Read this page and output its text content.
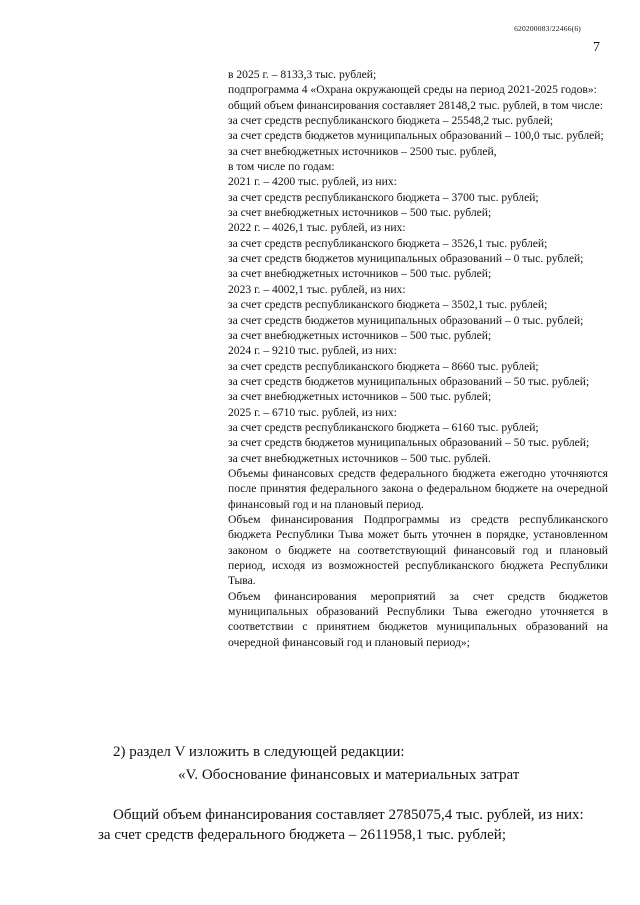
620200083/22466(6)
7

в 2025 г. – 8133,3 тыс. рублей;

подпрограмма 4 «Охрана окружающей среды на период 2021-2025 годов»:

общий объем финансирования составляет 28148,2 тыс. рублей, в том числе:

за счет средств республиканского бюджета – 25548,2 тыс. рублей;

за счет средств бюджетов муниципальных образований – 100,0 тыс. рублей;

за счет внебюджетных источников – 2500 тыс. рублей,

в том числе по годам:

2021 г. – 4200 тыс. рублей, из них:

за счет средств республиканского бюджета – 3700 тыс. рублей;

за счет внебюджетных источников – 500 тыс. рублей;

2022 г. – 4026,1 тыс. рублей, из них:

за счет средств республиканского бюджета – 3526,1 тыс. рублей;

за счет средств бюджетов муниципальных образований – 0 тыс. рублей;

за счет внебюджетных источников – 500 тыс. рублей;

2023 г. – 4002,1 тыс. рублей, из них:

за счет средств республиканского бюджета – 3502,1 тыс. рублей;

за счет средств бюджетов муниципальных образований – 0 тыс. рублей;

за счет внебюджетных источников – 500 тыс. рублей;

2024 г. – 9210 тыс. рублей, из них:

за счет средств республиканского бюджета – 8660 тыс. рублей;

за счет средств бюджетов муниципальных образований – 50 тыс. рублей;

за счет внебюджетных источников – 500 тыс. рублей;

2025 г. – 6710 тыс. рублей, из них:

за счет средств республиканского бюджета – 6160 тыс. рублей;

за счет средств бюджетов муниципальных образований – 50 тыс. рублей;

за счет внебюджетных источников – 500 тыс. рублей.

Объемы финансовых средств федерального бюджета ежегодно уточняются после принятия федерального закона о федеральном бюджете на очередной финансовый год и на плановый период.

Объем финансирования Подпрограммы из средств республиканского бюджета Республики Тыва может быть уточнен в порядке, установленном законом о бюджете на соответствующий финансовый год и плановый период, исходя из возможностей республиканского бюджета Республики Тыва.

Объем финансирования мероприятий за счет средств бюджетов муниципальных образований Республики Тыва ежегодно уточняется в соответствии с принятием бюджетов муниципальных образований на очередной финансовый год и плановый период»;

2) раздел V изложить в следующей редакции:
«V. Обоснование финансовых и материальных затрат
Общий объем финансирования составляет 2785075,4 тыс. рублей, из них:
за счет средств федерального бюджета – 2611958,1 тыс. рублей;
